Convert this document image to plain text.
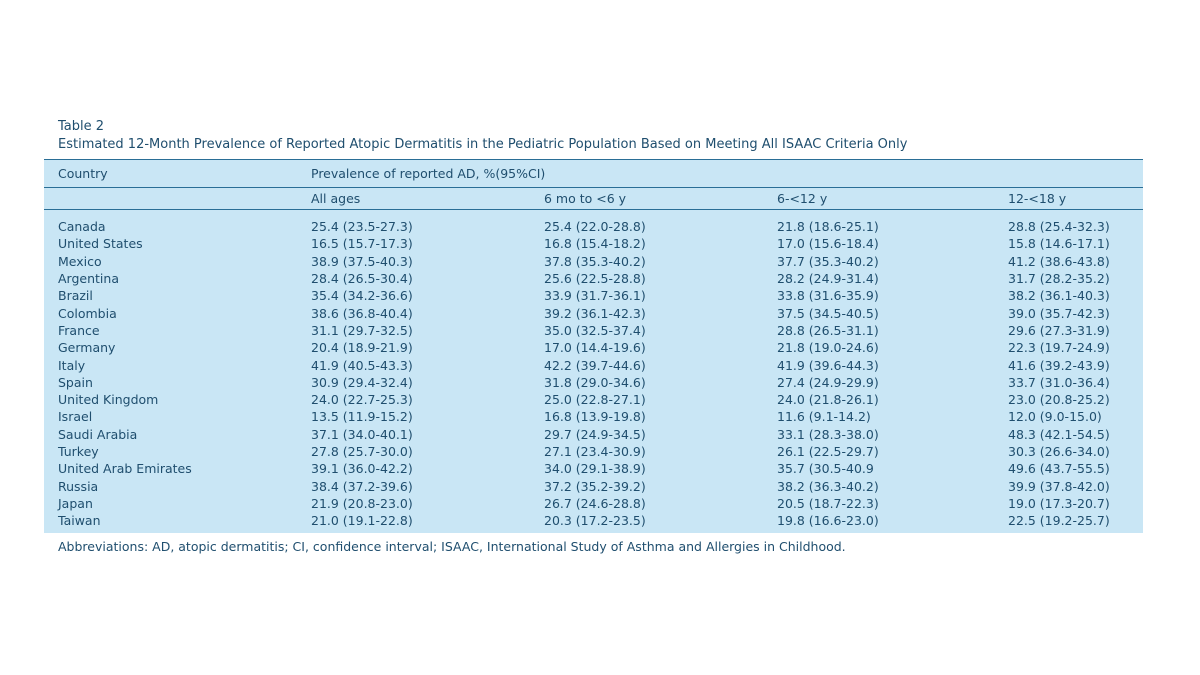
Table 2
Estimated 12-Month Prevalence of Reported Atopic Dermatitis in the Pediatric Population Based on Meeting All ISAAC Criteria Only
Country	Prevalence of reported AD, %(95%CI)			
	All ages	6 mo to <6 y	6-<12 y	12-<18 y

Canada	25.4 (23.5-27.3)	25.4 (22.0-28.8)	21.8 (18.6-25.1)	28.8 (25.4-32.3)
United States	16.5 (15.7-17.3)	16.8 (15.4-18.2)	17.0 (15.6-18.4)	15.8 (14.6-17.1)
Mexico	38.9 (37.5-40.3)	37.8 (35.3-40.2)	37.7 (35.3-40.2)	41.2 (38.6-43.8)
Argentina	28.4 (26.5-30.4)	25.6 (22.5-28.8)	28.2 (24.9-31.4)	31.7 (28.2-35.2)
Brazil	35.4 (34.2-36.6)	33.9 (31.7-36.1)	33.8 (31.6-35.9)	38.2 (36.1-40.3)
Colombia	38.6 (36.8-40.4)	39.2 (36.1-42.3)	37.5 (34.5-40.5)	39.0 (35.7-42.3)
France	31.1 (29.7-32.5)	35.0 (32.5-37.4)	28.8 (26.5-31.1)	29.6 (27.3-31.9)
Germany	20.4 (18.9-21.9)	17.0 (14.4-19.6)	21.8 (19.0-24.6)	22.3 (19.7-24.9)
Italy	41.9 (40.5-43.3)	42.2 (39.7-44.6)	41.9 (39.6-44.3)	41.6 (39.2-43.9)
Spain	30.9 (29.4-32.4)	31.8 (29.0-34.6)	27.4 (24.9-29.9)	33.7 (31.0-36.4)
United Kingdom	24.0 (22.7-25.3)	25.0 (22.8-27.1)	24.0 (21.8-26.1)	23.0 (20.8-25.2)
Israel	13.5 (11.9-15.2)	16.8 (13.9-19.8)	11.6 (9.1-14.2)	12.0 (9.0-15.0)
Saudi Arabia	37.1 (34.0-40.1)	29.7 (24.9-34.5)	33.1 (28.3-38.0)	48.3 (42.1-54.5)
Turkey	27.8 (25.7-30.0)	27.1 (23.4-30.9)	26.1 (22.5-29.7)	30.3 (26.6-34.0)
United Arab Emirates	39.1 (36.0-42.2)	34.0 (29.1-38.9)	35.7 (30.5-40.9	49.6 (43.7-55.5)
Russia	38.4 (37.2-39.6)	37.2 (35.2-39.2)	38.2 (36.3-40.2)	39.9 (37.8-42.0)
Japan	21.9 (20.8-23.0)	26.7 (24.6-28.8)	20.5 (18.7-22.3)	19.0 (17.3-20.7)
Taiwan	21.0 (19.1-22.8)	20.3 (17.2-23.5)	19.8 (16.6-23.0)	22.5 (19.2-25.7)
Abbreviations: AD, atopic dermatitis; CI, confidence interval; ISAAC, International Study of Asthma and Allergies in Childhood.
